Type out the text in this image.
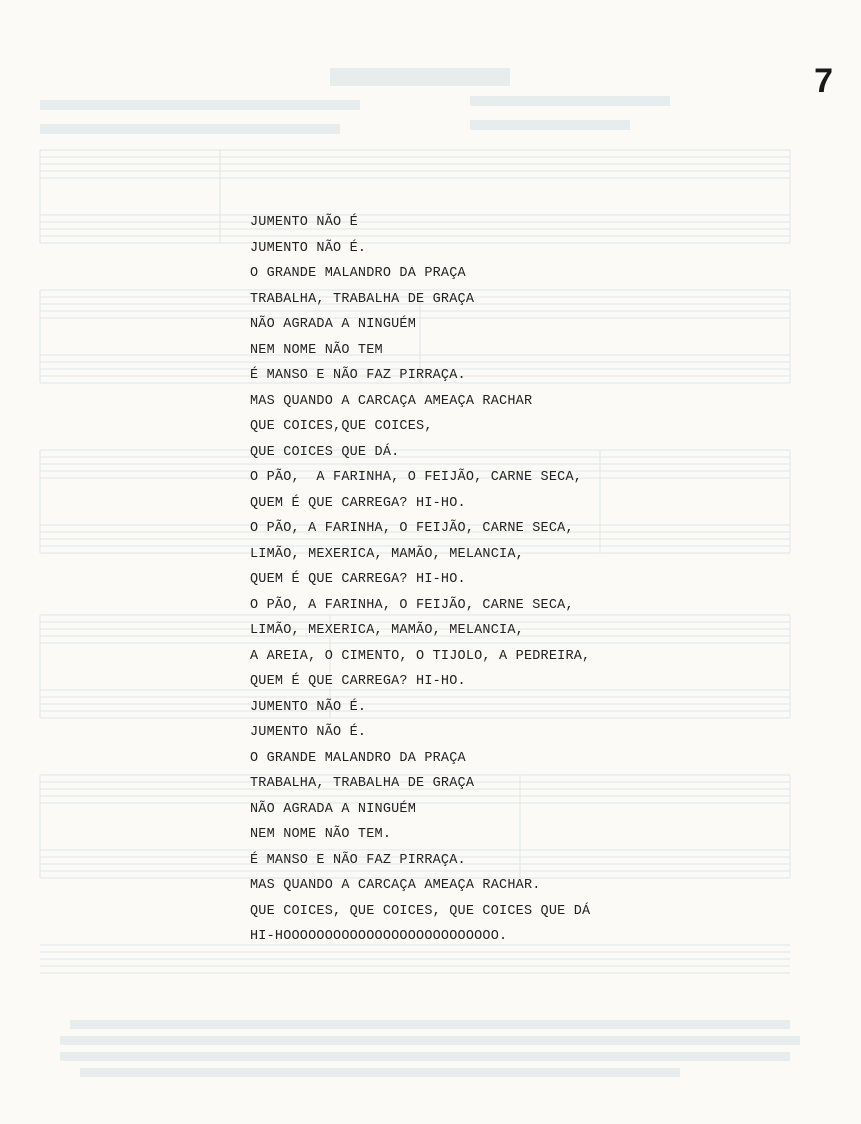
7
JUMENTO NÃO É
JUMENTO NÃO É.
O GRANDE MALANDRO DA PRAÇA
TRABALHA, TRABALHA DE GRAÇA
NÃO AGRADA A NINGUÉM
NEM NOME NÃO TEM
É MANSO E NÃO FAZ PIRRAÇA.
MAS QUANDO A CARCAÇA AMEAÇA RACHAR
QUE COICES,QUE COICES,
QUE COICES QUE DÁ.
O PÃO,  A FARINHA, O FEIJÃO, CARNE SECA,
QUEM É QUE CARREGA? HI-HO.
O PÃO, A FARINHA, O FEIJÃO, CARNE SECA,
LIMÃO, MEXERICA, MAMÃO, MELANCIA,
QUEM É QUE CARREGA? HI-HO.
O PÃO, A FARINHA, O FEIJÃO, CARNE SECA,
LIMÃO, MEXERICA, MAMÃO, MELANCIA,
A AREIA, O CIMENTO, O TIJOLO, A PEDREIRA,
QUEM É QUE CARREGA? HI-HO.
JUMENTO NÃO É.
JUMENTO NÃO É.
O GRANDE MALANDRO DA PRAÇA
TRABALHA, TRABALHA DE GRAÇA
NÃO AGRADA A NINGUÉM
NEM NOME NÃO TEM.
É MANSO E NÃO FAZ PIRRAÇA.
MAS QUANDO A CARCAÇA AMEAÇA RACHAR.
QUE COICES, QUE COICES, QUE COICES QUE DÁ
HI-HOOOOOOOOOOOOOOOOOOOOOOOOOO.
